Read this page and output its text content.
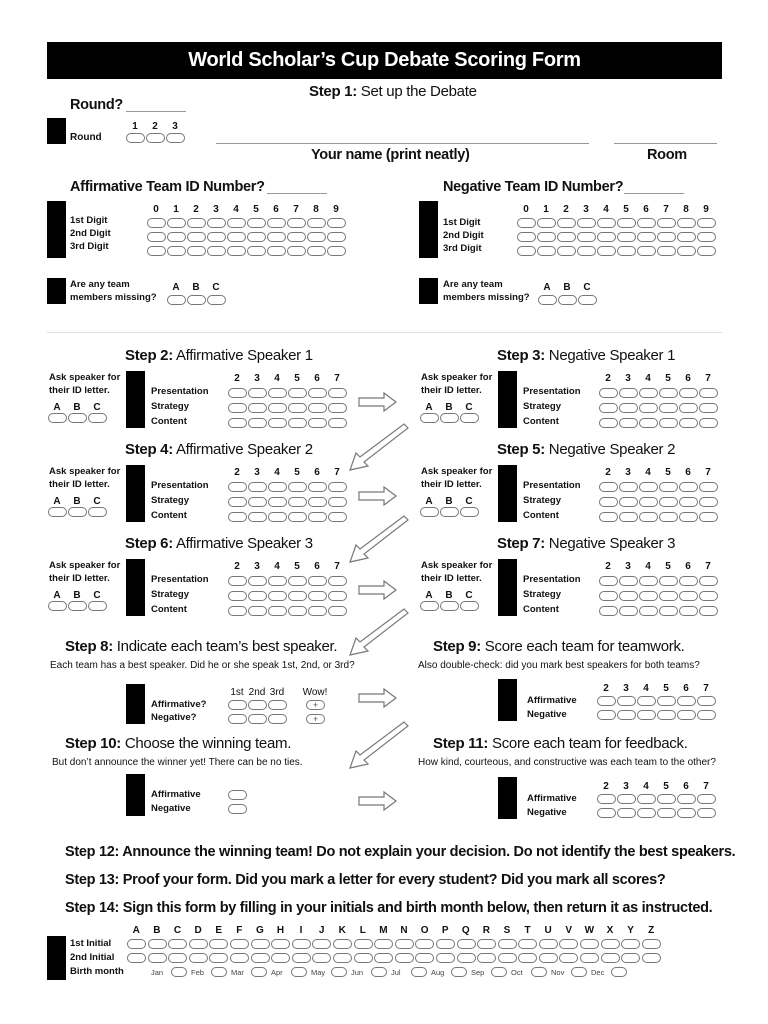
World Scholar’s Cup Debate Scoring Form
Step 1: Set up the Debate
Round?
1	2	3
Round
Your name (print neatly)	Room
Affirmative Team ID Number?
0	1	2	3	4	5	6	7	8	9
1st Digit
2nd Digit
3rd Digit
Negative Team ID Number?
0	1	2	3	4	5	6	7	8	9
1st Digit
2nd Digit
3rd Digit
Are any team
members missing?
A	B	C	Are any team
members missing?
A	B	C
Step 2: Affirmative Speaker 1
Ask speaker for
their ID letter.
A	B	C
Presentation
Strategy
Content
2	3	4	5	6	7
Step 3: Negative Speaker 1
Ask speaker for
their ID letter.
A	B	C
Presentation
Strategy
Content
2	3	4	5	6	7
Step 4: Affirmative Speaker 2
Ask speaker for
their ID letter.
A	B	C
Presentation
Strategy
Content
2	3	4	5	6	7
Step 5: Negative Speaker 2
Ask speaker for
their ID letter.
A	B	C
Presentation
Strategy
Content
2	3	4	5	6	7
Step 6: Affirmative Speaker 3
Ask speaker for
their ID letter.
A	B	C
Presentation
Strategy
Content
2	3	4	5	6	7
Step 7: Negative Speaker 3
Ask speaker for
their ID letter.
A	B	C
Presentation
Strategy
Content
2	3	4	5	6	7
Step 8: Indicate each team’s best speaker.
Each team has a best speaker. Did he or she speak 1st, 2nd, or 3rd?
1st 2nd 3rd Wow!
Affirmative?
Negative?
+
+
Step 9: Score each team for teamwork.
Also double-check: did you mark best speakers for both teams?
2	3	4	5	6	7
Affirmative
Negative
Step 10: Choose the winning team.
But don’t announce the winner yet! There can be no ties.
Affirmative
Negative
Step 11: Score each team for feedback.
How kind, courteous, and constructive was each team to the other?
2	3	4	5	6	7
Affirmative
Negative
Step 12: Announce the winning team! Do not explain your decision. Do not identify the best speakers.
Step 13: Proof your form. Did you mark a letter for every student? Did you mark all scores?
Step 14: Sign this form by filling in your initials and birth month below, then return it as instructed.
A	B	C	D	E	F	G	H	I	J	K	L	M	N	O	P	Q	R	S	T	U	V	W	X	Y	Z
1st Initial
2nd Initial
Birth month	Jan	Feb	Mar	Apr	May	Jun	Jul	Aug	Sep	Oct	Nov	Dec
